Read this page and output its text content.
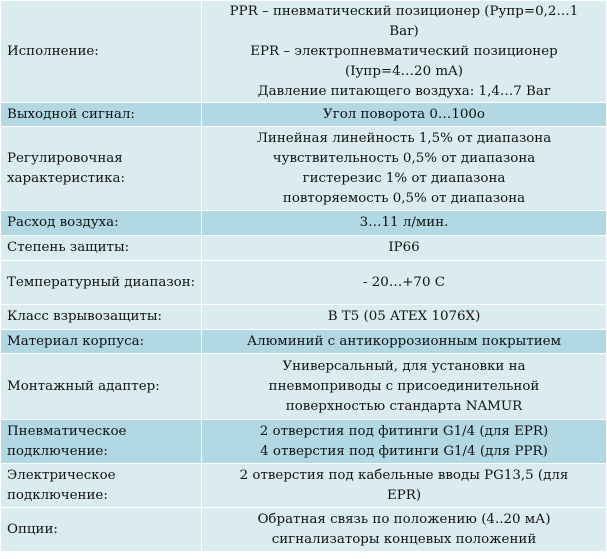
Исполнение:	PPR – пневматический позиционер (Рупр=0,2…1
Bar)
EPR – электропневматический позиционер
(Iупр=4…20 mA)
Давление питающего воздуха: 1,4…7 Bar

Выходной сигнал:	Угол поворота 0…100о

Регулировочная характеристика:	Линейная линейность 1,5% от диапазона
чувствительность 0,5% от диапазона
гистерезис 1% от диапазона
повторяемость 0,5% от диапазона

Расход воздуха:	3…11 л/мин.

Степень защиты:	IP66

Температурный диапазон:	- 20…+70 С

Класс взрывозащиты:	В Т5 (05 ATEX 1076X)

Материал корпуса:	Алюминий с антикоррозионным покрытием

Монтажный адаптер:	Универсальный, для установки на
пневмоприводы с присоединительной
поверхностью стандарта NAMUR

Пневматическое подключение:	2 отверстия под фитинги G1/4 (для EPR)
4 отверстия под фитинги G1/4 (для PPR)

Электрическое подключение:	2 отверстия под кабельные вводы PG13,5 (для
EPR)

Опции:	Обратная связь по положению (4..20 мА)
сигнализаторы концевых положений
